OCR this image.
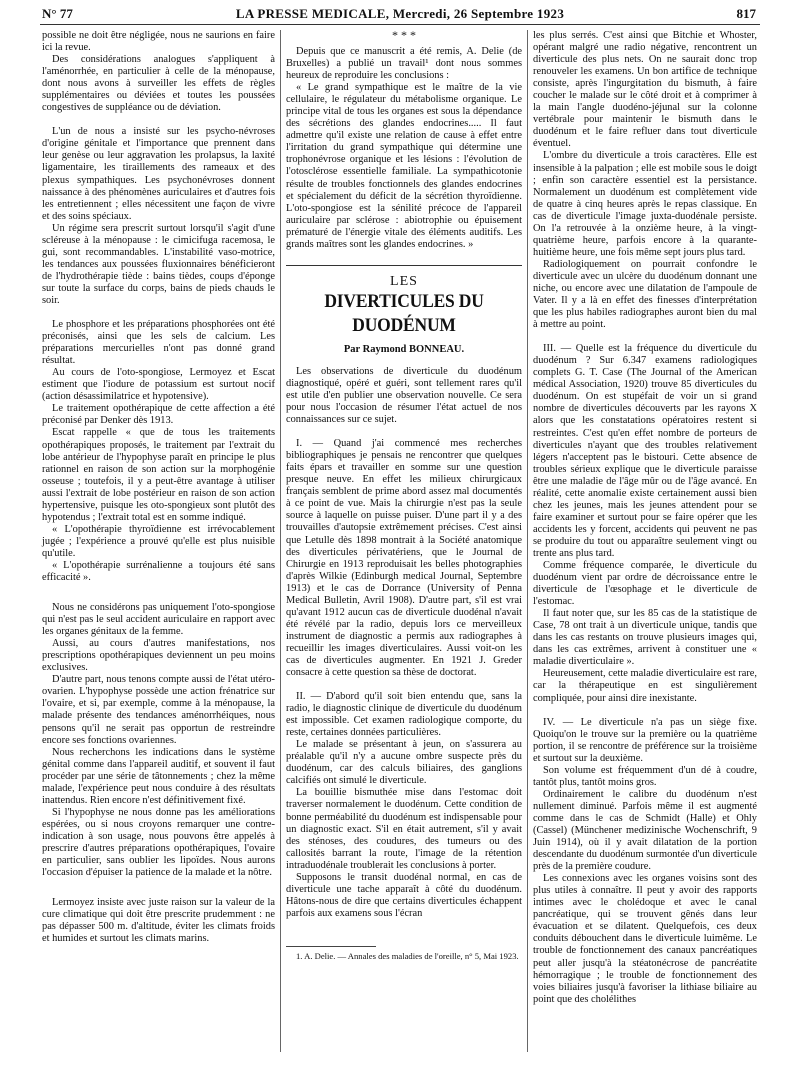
N° 77	LA PRESSE MEDICALE, Mercredi, 26 Septembre 1923	817

possible ne doit être négligée, nous ne saurions en faire ici la revue.

Des considérations analogues s'appliquent à l'aménorrhée, en particulier à celle de la ménopause, dont nous avons à surveiller les effets de règles supplémentaires ou déviées et toutes les poussées congestives de suppléance ou de déviation.

L'un de nous a insisté sur les psycho-névroses d'origine génitale et l'importance que prennent dans leur genèse ou leur aggravation les prolapsus, la laxité ligamentaire, les tiraillements des rameaux et des plexus sympathiques. Les psychonévroses donnent naissance à des phénomènes auriculaires et d'autres fois les entretiennent ; elles nécessitent une façon de vivre et des soins spéciaux.

Un régime sera prescrit surtout lorsqu'il s'agit d'une scléreuse à la ménopause : le cimicifuga racemosa, le gui, sont recommandables. L'instabilité vaso-motrice, les tendances aux poussées fluxionnaires bénéficieront de l'hydrothérapie tiède : bains tièdes, coups d'éponge sur toute la surface du corps, bains de pieds chauds le soir.

Le phosphore et les préparations phosphorées ont été préconisés, ainsi que les sels de calcium. Les préparations mercurielles n'ont pas donné grand résultat.

Au cours de l'oto-spongiose, Lermoyez et Escat estiment que l'iodure de potassium est surtout nocif (action désassimilatrice et hypotensive).

Le traitement opothérapique de cette affection a été préconisé par Denker dès 1913.

Escat rappelle « que de tous les traitements opothérapiques proposés, le traitement par l'extrait du lobe antérieur de l'hypophyse paraît en principe le plus rationnel en raison de son action sur la morphogénie osseuse ; toutefois, il y a peut-être avantage à utiliser aussi l'extrait de lobe postérieur en raison de son action hypertensive, puisque les oto-spongieux sont plutôt des hypotendus ; l'extrait total est en somme indiqué.

« L'opothérapie thyroïdienne est irrévocablement jugée ; l'expérience a prouvé qu'elle est plus nuisible qu'utile.

« L'opothérapie surrénalienne a toujours été sans efficacité ».

Nous ne considérons pas uniquement l'oto-spongiose qui n'est pas le seul accident auriculaire en rapport avec les organes génitaux de la femme.

Aussi, au cours d'autres manifestations, nos prescriptions opothérapiques deviennent un peu moins exclusives.

D'autre part, nous tenons compte aussi de l'état utéro-ovarien. L'hypophyse possède une action frénatrice sur l'ovaire, et si, par exemple, comme à la ménopause, la malade présente des tendances aménorrhéiques, nous pensons qu'il ne serait pas opportun de restreindre encore ses fonctions ovariennes.

Nous recherchons les indications dans le système génital comme dans l'appareil auditif, et souvent il faut procéder par une série de tâtonnements ; chez la même malade, l'expérience peut nous conduire à des résultats inattendus. Rien encore n'est définitivement fixé.

Si l'hypophyse ne nous donne pas les améliorations espérées, ou si nous croyons remarquer une contre-indication à son usage, nous pouvons être appelés à prescrire d'autres préparations opothérapiques, l'ovaire en particulier, sans oublier les lipoïdes. Nous aurons l'occasion d'épuiser la patience de la malade et la nôtre.

Lermoyez insiste avec juste raison sur la valeur de la cure climatique qui doit être prescrite prudemment : ne pas dépasser 500 m. d'altitude, éviter les climats froids et humides et surtout les climats marins.

* * *

Depuis que ce manuscrit a été remis, A. Delie (de Bruxelles) a publié un travail¹ dont nous sommes heureux de reproduire les conclusions :

« Le grand sympathique est le maître de la vie cellulaire, le régulateur du métabolisme organique. Le principe vital de tous les organes est sous la dépendance des sécrétions des glandes endocrines..... Il faut admettre qu'il existe une relation de cause à effet entre l'irritation du grand sympathique qui détermine une trophonévrose organique et les lésions : l'évolution de l'otosclérose essentielle familiale. La sympathicotonie résulte de troubles fonctionnels des glandes endocrines et spécialement du déficit de la sécrétion thyroïdienne. L'oto-spongiose est la sénilité précoce de l'appareil auriculaire par sclérose : abiotrophie ou épuisement prématuré de l'énergie vitale des éléments auditifs. Les grands maîtres sont les glandes endocrines. »

LES

DIVERTICULES DU DUODÉNUM
Par Raymond BONNEAU.

Les observations de diverticule du duodénum diagnostiqué, opéré et guéri, sont tellement rares qu'il est utile d'en publier une observation nouvelle. Ce sera pour nous l'occasion de résumer l'état actuel de nos connaissances sur ce sujet.

I. — Quand j'ai commencé mes recherches bibliographiques je pensais ne rencontrer que quelques faits épars et travailler en somme sur une question presque neuve. En effet les milieux chirurgicaux français semblent de prime abord assez mal documentés à ce point de vue. Mais la chirurgie n'est pas la seule source à laquelle on puisse puiser. D'une part il y a des trouvailles d'autopsie extrêmement précises. C'est ainsi que Letulle dès 1898 montrait à la Société anatomique des diverticules périvatériens, que le Journal de Chirurgie en 1913 reproduisait les belles photographies d'après Wilkie (Edinburgh medical Journal, Septembre 1913) et le cas de Dorrance (University of Penna Medical Bulletin, Avril 1908). D'autre part, s'il est vrai qu'avant 1912 aucun cas de diverticule duodénal n'avait été révélé par la radio, depuis lors ce merveilleux instrument de diagnostic a permis aux radiographes à recueillir les images diverticulaires. Aussi voit-on les cas de diverticules augmenter. En 1921 J. Greder consacre à cette question sa thèse de doctorat.

II. — D'abord qu'il soit bien entendu que, sans la radio, le diagnostic clinique de diverticule du duodénum est impossible. Cet examen radiologique comporte, du reste, certaines données particulières.

Le malade se présentant à jeun, on s'assurera au préalable qu'il n'y a aucune ombre suspecte près du duodénum, car des calculs biliaires, des ganglions calcifiés ont simulé le diverticule.

La bouillie bismuthée mise dans l'estomac doit traverser normalement le duodénum. Cette condition de bonne perméabilité du duodénum est indispensable pour un diagnostic exact. S'il en était autrement, s'il y avait des sténoses, des coudures, des tumeurs ou des callosités barrant la route, l'image de la rétention intraduodénale troublerait les conclusions à porter.

Supposons le transit duodénal normal, en cas de diverticule une tache apparaît à côté du duodénum. Hâtons-nous de dire que certains diverticules échappent parfois aux examens sous l'écran

1. A. Delie. — Annales des maladies de l'oreille, n° 5, Mai 1923.

les plus serrés. C'est ainsi que Bitchie et Whoster, opérant malgré une radio négative, rencontrent un diverticule des plus nets. On ne saurait donc trop renouveler les examens. Un bon artifice de technique consiste, après l'ingurgitation du bismuth, à faire coucher le malade sur le côté droit et à comprimer à la main l'angle duodéno-jéjunal sur la colonne vertébrale pour maintenir le bismuth dans le duodénum et le faire refluer dans tout diverticule éventuel.

L'ombre du diverticule a trois caractères. Elle est insensible à la palpation ; elle est mobile sous le doigt ; enfin son caractère essentiel est la persistance. Normalement un duodénum est complètement vide de quatre à cinq heures après le repas classique. En cas de diverticule l'image juxta-duodénale persiste. On l'a retrouvée à la onzième heure, à la vingt-quatrième heure, parfois encore à la quarante-huitième heure, une fois même sept jours plus tard.

Radiologiquement on pourrait confondre le diverticule avec un ulcère du duodénum donnant une niche, ou encore avec une dilatation de l'ampoule de Vater. Il y a là en effet des finesses d'interprétation que les plus habiles radiographes auront bien du mal à mettre au point.

III. — Quelle est la fréquence du diverticule du duodénum ? Sur 6.347 examens radiologiques complets G. T. Case (The Journal of the American médical Association, 1920) trouve 85 diverticules du duodénum. On est stupéfait de voir un si grand nombre de diverticules découverts par les rayons X alors que les constatations opératoires restent si restreintes. C'est qu'en effet nombre de porteurs de diverticules n'ayant que des troubles relativement légers n'acceptent pas le bistouri. Cette absence de troubles sérieux explique que le diverticule paraisse être une maladie de l'âge mûr ou de l'âge avancé. En réalité, cette anomalie existe certainement aussi bien chez les jeunes, mais les jeunes attendent pour se faire examiner et surtout pour se faire opérer que les accidents les y forcent, accidents qui peuvent ne pas se produire du tout ou apparaître seulement vingt ou trente ans plus tard.

Comme fréquence comparée, le diverticule du duodénum vient par ordre de décroissance entre le diverticule de l'œsophage et le diverticule de l'estomac.

Il faut noter que, sur les 85 cas de la statistique de Case, 78 ont trait à un diverticule unique, tandis que dans les cas restants on trouve plusieurs images qui, dans les cas extrêmes, arrivent à constituer une « maladie diverticulaire ».

Heureusement, cette maladie diverticulaire est rare, car la thérapeutique en est singulièrement compliquée, pour ainsi dire inexistante.

IV. — Le diverticule n'a pas un siège fixe. Quoiqu'on le trouve sur la première ou la quatrième portion, il se rencontre de préférence sur la troisième et surtout sur la deuxième.

Son volume est fréquemment d'un dé à coudre, tantôt plus, tantôt moins gros.

Ordinairement le calibre du duodénum n'est nullement diminué. Parfois même il est augmenté comme dans le cas de Schmidt (Halle) et Ohly (Cassel) (Münchener medizinische Wochenschrift, 9 Juin 1914), où il y avait dilatation de la portion descendante du duodénum surmontée d'un diverticule près de la première coudure.

Les connexions avec les organes voisins sont des plus utiles à connaître. Il peut y avoir des rapports intimes avec le cholédoque et avec le canal pancréatique, qui se trouvent gênés dans leur évacuation et se dilatent. Quelquefois, ces deux conduits débouchent dans le diverticule luimême. Le trouble de fonctionnement des canaux pancréatiques peut aller jusqu'à la stéatonécrose de pancréatite hémorragique ; le trouble de fonctionnement des voies biliaires jusqu'à favoriser la lithiase biliaire au point que des cholélithes
